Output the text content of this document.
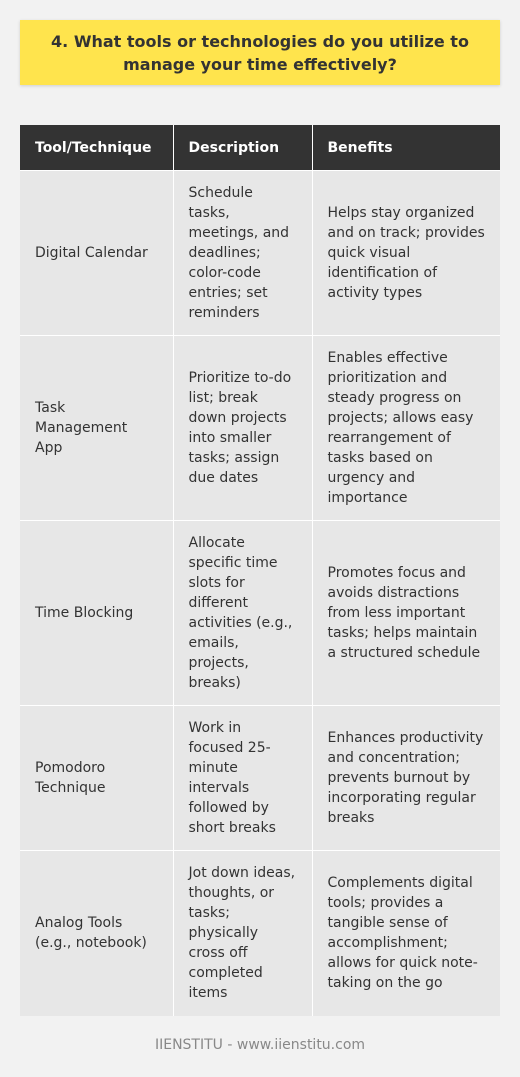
4. What tools or technologies do you utilize to manage your time effectively?
Tool/Technique	Description	Benefits
Digital Calendar	Schedule tasks, meetings, and deadlines; color-code entries; set reminders	Helps stay organized and on track; provides quick visual identification of activity types
Task Management App	Prioritize to-do list; break down projects into smaller tasks; assign due dates	Enables effective prioritization and steady progress on projects; allows easy rearrangement of tasks based on urgency and importance
Time Blocking	Allocate specific time slots for different activities (e.g., emails, projects, breaks)	Promotes focus and avoids distractions from less important tasks; helps maintain a structured schedule
Pomodoro Technique	Work in focused 25-minute intervals followed by short breaks	Enhances productivity and concentration; prevents burnout by incorporating regular breaks
Analog Tools (e.g., notebook)	Jot down ideas, thoughts, or tasks; physically cross off completed items	Complements digital tools; provides a tangible sense of accomplishment; allows for quick note-taking on the go
IIENSTITU - www.iienstitu.com
